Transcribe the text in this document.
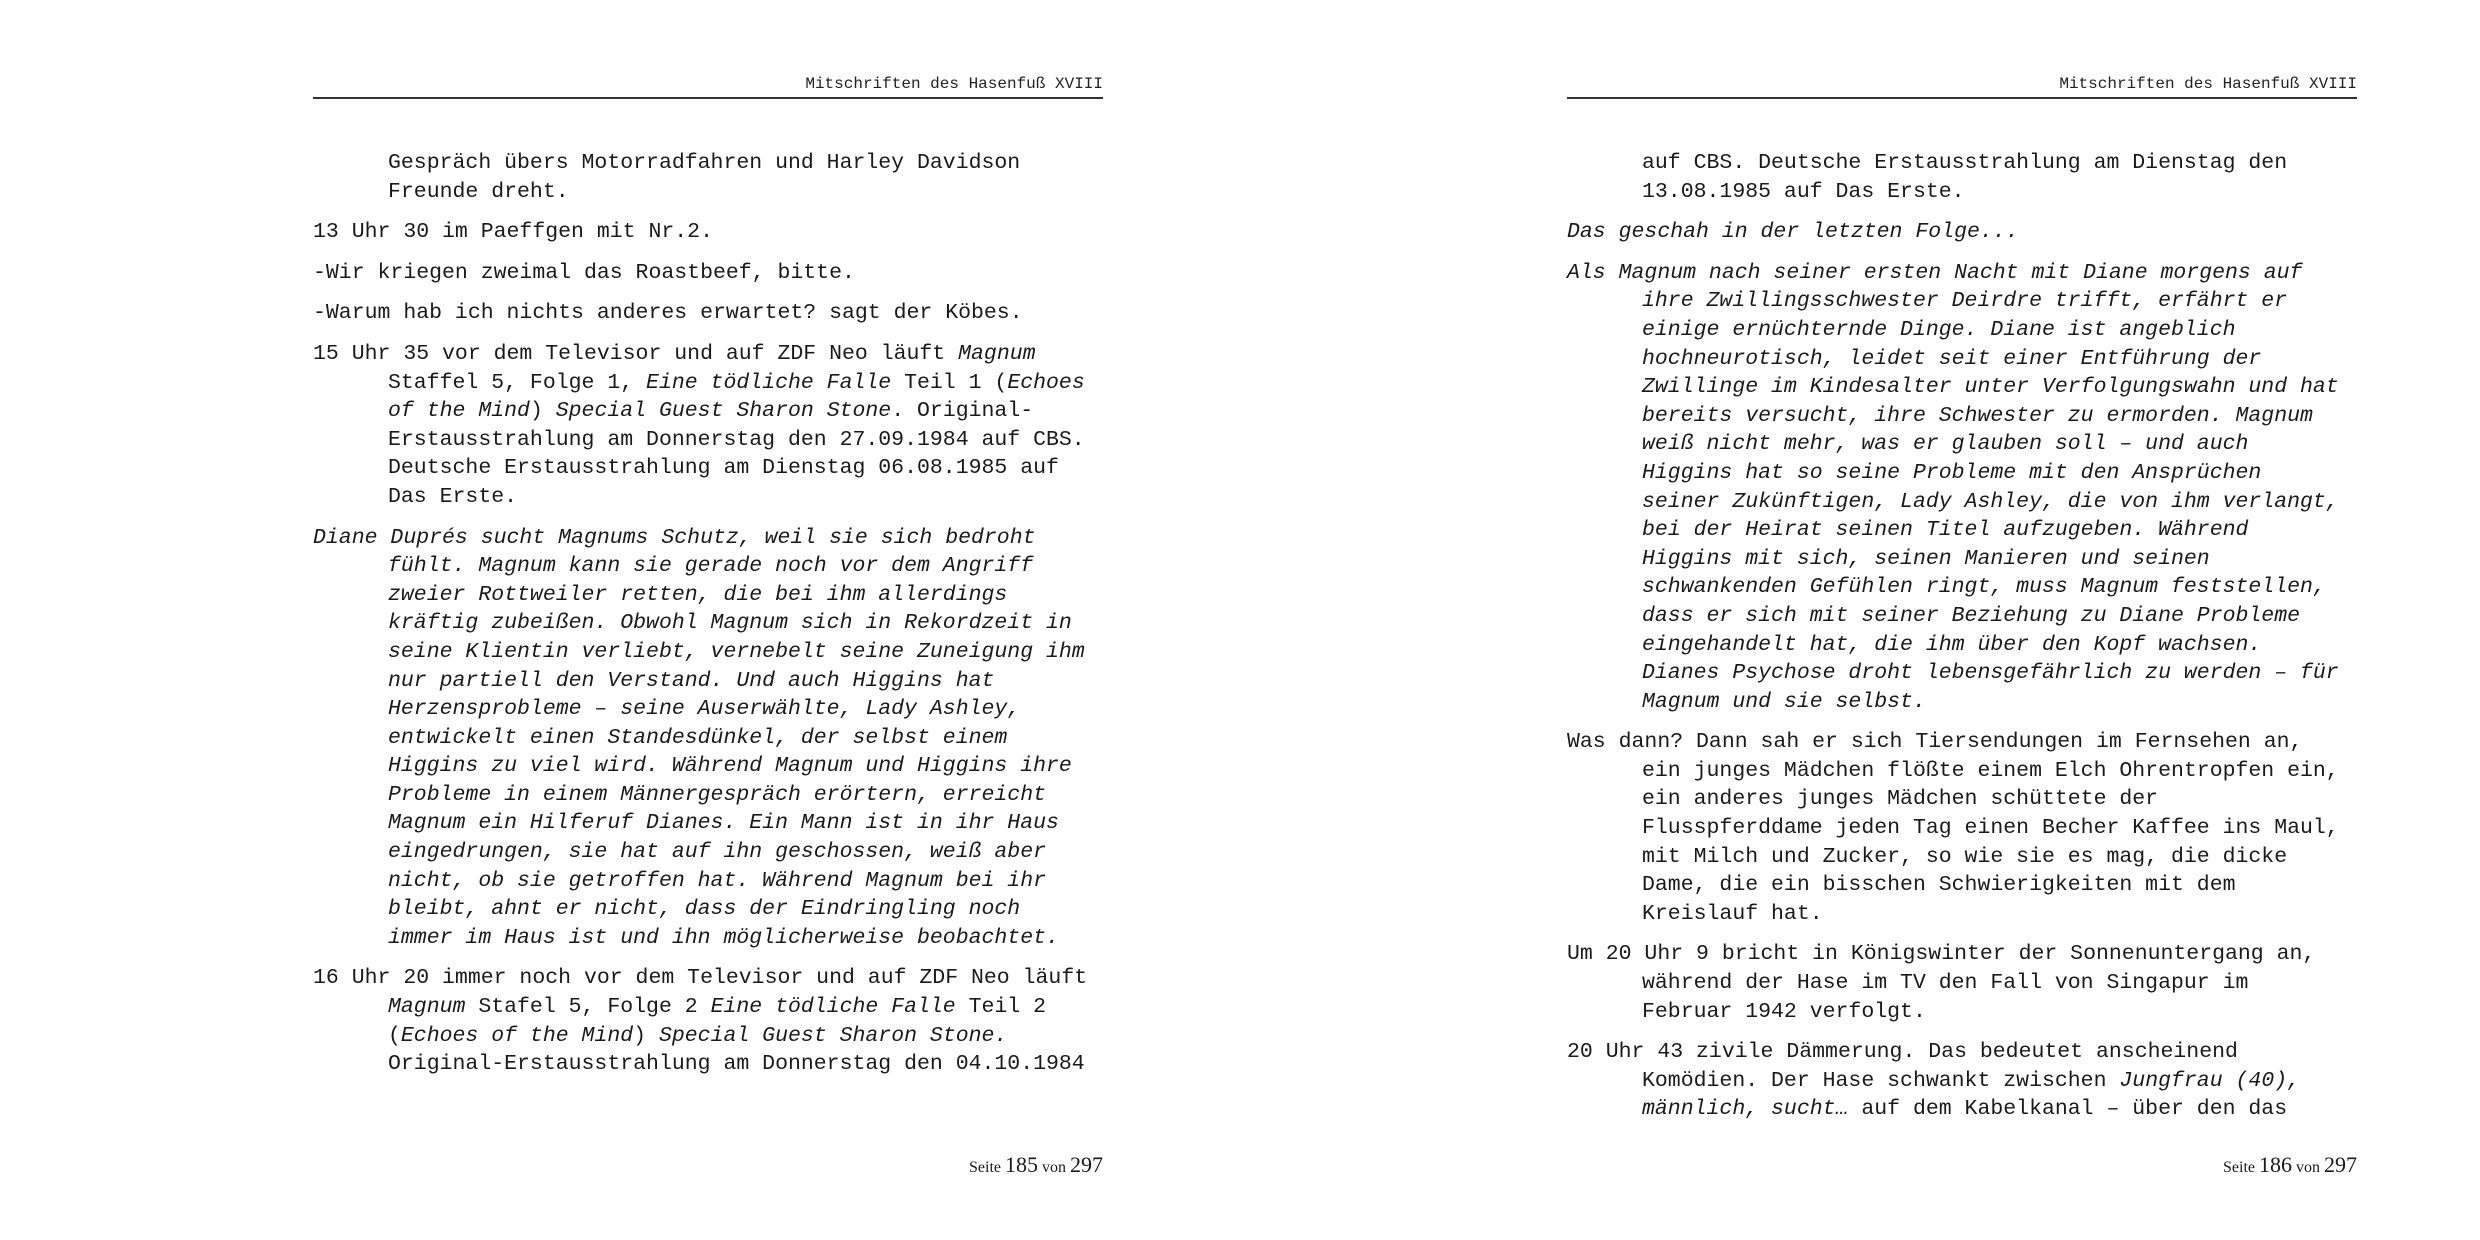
Mitschriften des Hasenfuß XVIII

Gespräch übers Motorradfahren und Harley Davidson
Freunde dreht.

13 Uhr 30 im Paeffgen mit Nr.2.

-Wir kriegen zweimal das Roastbeef, bitte.

-Warum hab ich nichts anderes erwartet? sagt der Köbes.

15 Uhr 35 vor dem Televisor und auf ZDF Neo läuft Magnum
Staffel 5, Folge 1, Eine tödliche Falle Teil 1 (Echoes
of the Mind) Special Guest Sharon Stone. Original-
Erstausstrahlung am Donnerstag den 27.09.1984 auf CBS.
Deutsche Erstausstrahlung am Dienstag 06.08.1985 auf
Das Erste.

Diane Duprés sucht Magnums Schutz, weil sie sich bedroht
fühlt. Magnum kann sie gerade noch vor dem Angriff
zweier Rottweiler retten, die bei ihm allerdings
kräftig zubeißen. Obwohl Magnum sich in Rekordzeit in
seine Klientin verliebt, vernebelt seine Zuneigung ihm
nur partiell den Verstand. Und auch Higgins hat
Herzensprobleme – seine Auserwählte, Lady Ashley,
entwickelt einen Standesdünkel, der selbst einem
Higgins zu viel wird. Während Magnum und Higgins ihre
Probleme in einem Männergespräch erörtern, erreicht
Magnum ein Hilferuf Dianes. Ein Mann ist in ihr Haus
eingedrungen, sie hat auf ihn geschossen, weiß aber
nicht, ob sie getroffen hat. Während Magnum bei ihr
bleibt, ahnt er nicht, dass der Eindringling noch
immer im Haus ist und ihn möglicherweise beobachtet.

16 Uhr 20 immer noch vor dem Televisor und auf ZDF Neo läuft
Magnum Stafel 5, Folge 2 Eine tödliche Falle Teil 2
(Echoes of the Mind) Special Guest Sharon Stone.
Original-Erstausstrahlung am Donnerstag den 04.10.1984

Seite 185 von 297
Mitschriften des Hasenfuß XVIII

auf CBS. Deutsche Erstausstrahlung am Dienstag den
13.08.1985 auf Das Erste.

Das geschah in der letzten Folge...

Als Magnum nach seiner ersten Nacht mit Diane morgens auf
ihre Zwillingsschwester Deirdre trifft, erfährt er
einige ernüchternde Dinge. Diane ist angeblich
hochneurotisch, leidet seit einer Entführung der
Zwillinge im Kindesalter unter Verfolgungswahn und hat
bereits versucht, ihre Schwester zu ermorden. Magnum
weiß nicht mehr, was er glauben soll – und auch
Higgins hat so seine Probleme mit den Ansprüchen
seiner Zukünftigen, Lady Ashley, die von ihm verlangt,
bei der Heirat seinen Titel aufzugeben. Während
Higgins mit sich, seinen Manieren und seinen
schwankenden Gefühlen ringt, muss Magnum feststellen,
dass er sich mit seiner Beziehung zu Diane Probleme
eingehandelt hat, die ihm über den Kopf wachsen.
Dianes Psychose droht lebensgefährlich zu werden – für
Magnum und sie selbst.

Was dann? Dann sah er sich Tiersendungen im Fernsehen an,
ein junges Mädchen flößte einem Elch Ohrentropfen ein,
ein anderes junges Mädchen schüttete der
Flusspferddame jeden Tag einen Becher Kaffee ins Maul,
mit Milch und Zucker, so wie sie es mag, die dicke
Dame, die ein bisschen Schwierigkeiten mit dem
Kreislauf hat.

Um 20 Uhr 9 bricht in Königswinter der Sonnenuntergang an,
während der Hase im TV den Fall von Singapur im
Februar 1942 verfolgt.

20 Uhr 43 zivile Dämmerung. Das bedeutet anscheinend
Komödien. Der Hase schwankt zwischen Jungfrau (40),
männlich, sucht… auf dem Kabelkanal – über den das

Seite 186 von 297
